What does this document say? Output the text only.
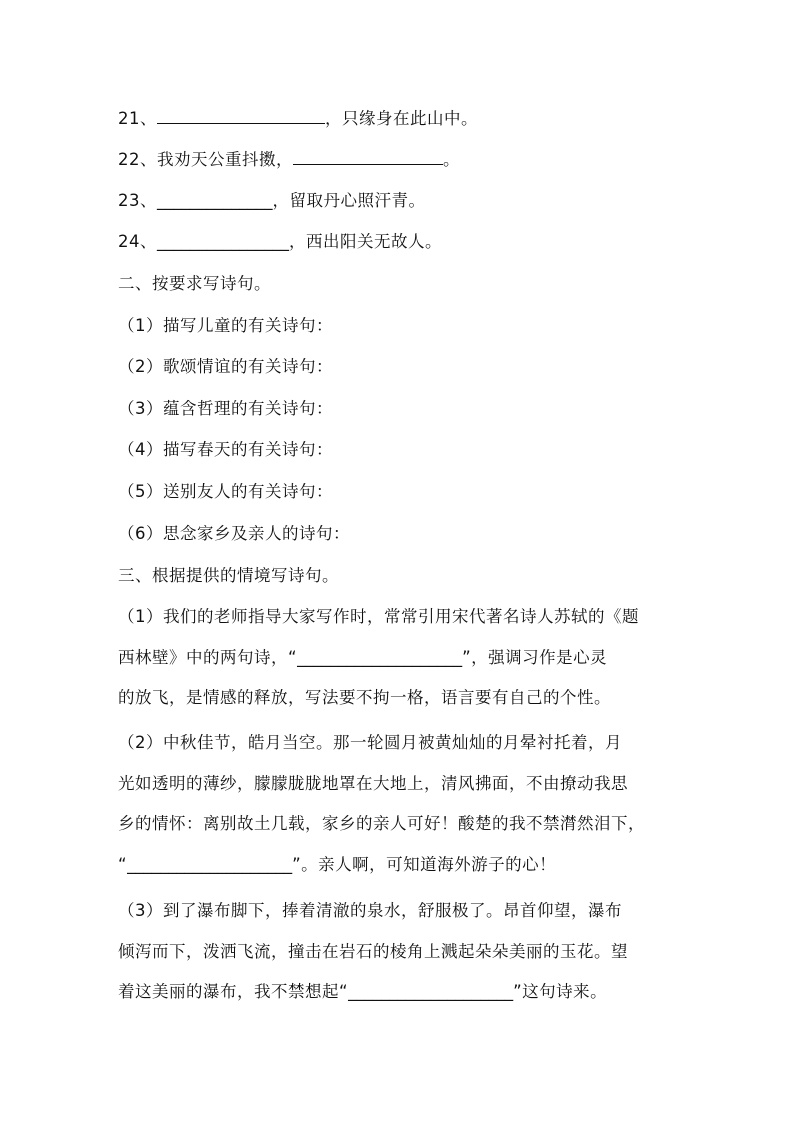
21、	，只缘身在此山中。
22、我劝天公重抖擞，	。
23、______________，留取丹心照汗青。
24、________________，西出阳关无故人。
二、按要求写诗句。
（1）描写儿童的有关诗句：
（2）歌颂情谊的有关诗句：
（3）蕴含哲理的有关诗句：
（4）描写春天的有关诗句：
（5）送别友人的有关诗句：
（6）思念家乡及亲人的诗句：
三、根据提供的情境写诗句。
（1）我们的老师指导大家写作时，常常引用宋代著名诗人苏轼的《题
西林壁》中的两句诗，“____________________”，强调习作是心灵
的放飞，是情感的释放，写法要不拘一格，语言要有自己的个性。
（2）中秋佳节，皓月当空。那一轮圆月被黄灿灿的月晕衬托着，月
光如透明的薄纱，朦朦胧胧地罩在大地上，清风拂面，不由撩动我思
乡的情怀：离别故土几载，家乡的亲人可好！酸楚的我不禁潸然泪下，
“____________________”。亲人啊，可知道海外游子的心！
（3）到了瀑布脚下，捧着清澈的泉水，舒服极了。昂首仰望，瀑布
倾泻而下，泼洒飞流，撞击在岩石的棱角上溅起朵朵美丽的玉花。望
着这美丽的瀑布，我不禁想起“____________________”这句诗来。
